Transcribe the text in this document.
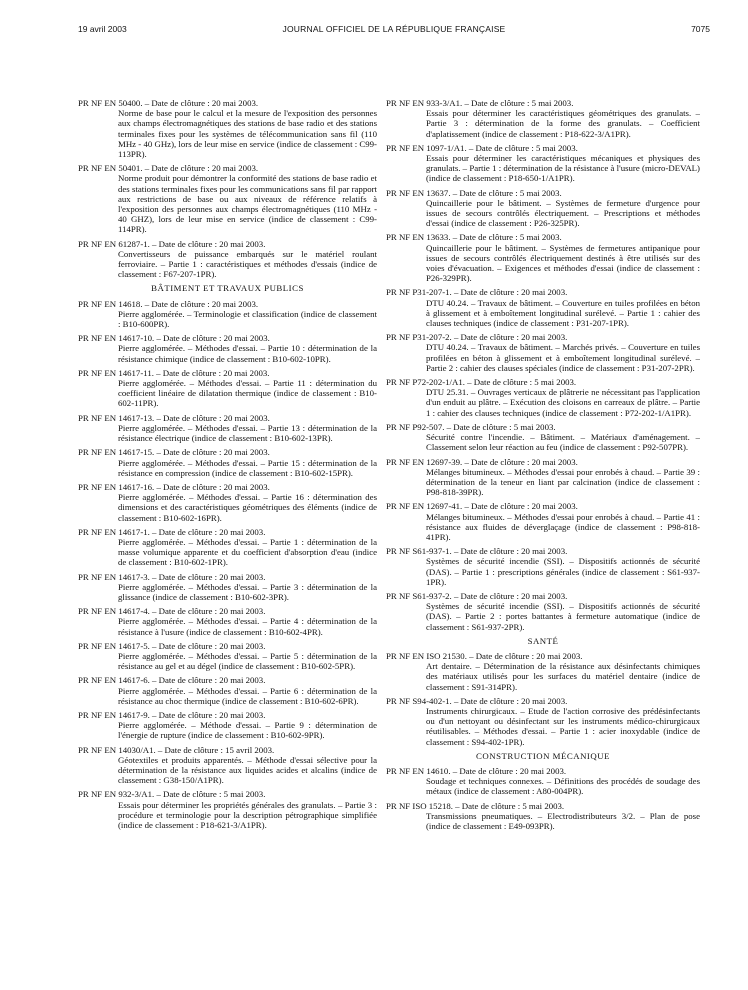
19 avril 2003	JOURNAL OFFICIEL DE LA RÉPUBLIQUE FRANÇAISE	7075
PR NF EN 50400. – Date de clôture : 20 mai 2003.
Norme de base pour le calcul et la mesure de l'exposition des personnes aux champs électromagnétiques des stations de base radio et des stations terminales fixes pour les systèmes de télécommunication sans fil (110 MHz - 40 GHz), lors de leur mise en service (indice de classement : C99-113PR).
PR NF EN 50401. – Date de clôture : 20 mai 2003.
Norme produit pour démontrer la conformité des stations de base radio et des stations terminales fixes pour les communications sans fil par rapport aux restrictions de base ou aux niveaux de référence relatifs à l'exposition des personnes aux champs électromagnétiques (110 MHz - 40 GHZ), lors de leur mise en service (indice de classement : C99-114PR).
PR NF EN 61287-1. – Date de clôture : 20 mai 2003.
Convertisseurs de puissance embarqués sur le matériel roulant ferroviaire. – Partie 1 : caractéristiques et méthodes d'essais (indice de classement : F67-207-1PR).
BÂTIMENT ET TRAVAUX PUBLICS
PR NF EN 14618. – Date de clôture : 20 mai 2003.
Pierre agglomérée. – Terminologie et classification (indice de classement : B10-600PR).
PR NF EN 14617-10. – Date de clôture : 20 mai 2003.
Pierre agglomérée. – Méthodes d'essai. – Partie 10 : détermination de la résistance chimique (indice de classement : B10-602-10PR).
PR NF EN 14617-11. – Date de clôture : 20 mai 2003.
Pierre agglomérée. – Méthodes d'essai. – Partie 11 : détermination du coefficient linéaire de dilatation thermique (indice de classement : B10-602-11PR).
PR NF EN 14617-13. – Date de clôture : 20 mai 2003.
Pierre agglomérée. – Méthodes d'essai. – Partie 13 : détermination de la résistance électrique (indice de classement : B10-602-13PR).
PR NF EN 14617-15. – Date de clôture : 20 mai 2003.
Pierre agglomérée. – Méthodes d'essai. – Partie 15 : détermination de la résistance en compression (indice de classement : B10-602-15PR).
PR NF EN 14617-16. – Date de clôture : 20 mai 2003.
Pierre agglomérée. – Méthodes d'essai. – Partie 16 : détermination des dimensions et des caractéristiques géométriques des éléments (indice de classement : B10-602-16PR).
PR NF EN 14617-1. – Date de clôture : 20 mai 2003.
Pierre agglomérée. – Méthodes d'essai. – Partie 1 : détermination de la masse volumique apparente et du coefficient d'absorption d'eau (indice de classement : B10-602-1PR).
PR NF EN 14617-3. – Date de clôture : 20 mai 2003.
Pierre agglomérée. – Méthodes d'essai. – Partie 3 : détermination de la glissance (indice de classement : B10-602-3PR).
PR NF EN 14617-4. – Date de clôture : 20 mai 2003.
Pierre agglomérée. – Méthodes d'essai. – Partie 4 : détermination de la résistance à l'usure (indice de classement : B10-602-4PR).
PR NF EN 14617-5. – Date de clôture : 20 mai 2003.
Pierre agglomérée. – Méthodes d'essai. – Partie 5 : détermination de la résistance au gel et au dégel (indice de classement : B10-602-5PR).
PR NF EN 14617-6. – Date de clôture : 20 mai 2003.
Pierre agglomérée. – Méthodes d'essai. – Partie 6 : détermination de la résistance au choc thermique (indice de classement : B10-602-6PR).
PR NF EN 14617-9. – Date de clôture : 20 mai 2003.
Pierre agglomérée. – Méthode d'essai. – Partie 9 : détermination de l'énergie de rupture (indice de classement : B10-602-9PR).
PR NF EN 14030/A1. – Date de clôture : 15 avril 2003.
Géotextiles et produits apparentés. – Méthode d'essai sélective pour la détermination de la résistance aux liquides acides et alcalins (indice de classement : G38-150/A1PR).
PR NF EN 932-3/A1. – Date de clôture : 5 mai 2003.
Essais pour déterminer les propriétés générales des granulats. – Partie 3 : procédure et terminologie pour la description pétrographique simplifiée (indice de classement : P18-621-3/A1PR).
PR NF EN 933-3/A1. – Date de clôture : 5 mai 2003.
Essais pour déterminer les caractéristiques géométriques des granulats. – Partie 3 : détermination de la forme des granulats. – Coefficient d'aplatissement (indice de classement : P18-622-3/A1PR).
PR NF EN 1097-1/A1. – Date de clôture : 5 mai 2003.
Essais pour déterminer les caractéristiques mécaniques et physiques des granulats. – Partie 1 : détermination de la résistance à l'usure (micro-DEVAL) (indice de classement : P18-650-1/A1PR).
PR NF EN 13637. – Date de clôture : 5 mai 2003.
Quincaillerie pour le bâtiment. – Systèmes de fermeture d'urgence pour issues de secours contrôlés électriquement. – Prescriptions et méthodes d'essai (indice de classement : P26-325PR).
PR NF EN 13633. – Date de clôture : 5 mai 2003.
Quincaillerie pour le bâtiment. – Systèmes de fermetures antipanique pour issues de secours contrôlés électriquement destinés à être utilisés sur des voies d'évacuation. – Exigences et méthodes d'essai (indice de classement : P26-329PR).
PR NF P31-207-1. – Date de clôture : 20 mai 2003.
DTU 40.24. – Travaux de bâtiment. – Couverture en tuiles profilées en béton à glissement et à emboîtement longitudinal surélevé. – Partie 1 : cahier des clauses techniques (indice de classement : P31-207-1PR).
PR NF P31-207-2. – Date de clôture : 20 mai 2003.
DTU 40.24. – Travaux de bâtiment. – Marchés privés. – Couverture en tuiles profilées en béton à glissement et à emboîtement longitudinal surélevé. – Partie 2 : cahier des clauses spéciales (indice de classement : P31-207-2PR).
PR NF P72-202-1/A1. – Date de clôture : 5 mai 2003.
DTU 25.31. – Ouvrages verticaux de plâtrerie ne nécessitant pas l'application d'un enduit au plâtre. – Exécution des cloisons en carreaux de plâtre. – Partie 1 : cahier des clauses techniques (indice de classement : P72-202-1/A1PR).
PR NF P92-507. – Date de clôture : 5 mai 2003.
Sécurité contre l'incendie. – Bâtiment. – Matériaux d'aménagement. – Classement selon leur réaction au feu (indice de classement : P92-507PR).
PR NF EN 12697-39. – Date de clôture : 20 mai 2003.
Mélanges bitumineux. – Méthodes d'essai pour enrobés à chaud. – Partie 39 : détermination de la teneur en liant par calcination (indice de classement : P98-818-39PR).
PR NF EN 12697-41. – Date de clôture : 20 mai 2003.
Mélanges bitumineux. – Méthodes d'essai pour enrobés à chaud. – Partie 41 : résistance aux fluides de déverglaçage (indice de classement : P98-818-41PR).
PR NF S61-937-1. – Date de clôture : 20 mai 2003.
Systèmes de sécurité incendie (SSI). – Dispositifs actionnés de sécurité (DAS). – Partie 1 : prescriptions générales (indice de classement : S61-937-1PR).
PR NF S61-937-2. – Date de clôture : 20 mai 2003.
Systèmes de sécurité incendie (SSI). – Dispositifs actionnés de sécurité (DAS). – Partie 2 : portes battantes à fermeture automatique (indice de classement : S61-937-2PR).
SANTÉ
PR NF EN ISO 21530. – Date de clôture : 20 mai 2003.
Art dentaire. – Détermination de la résistance aux désinfectants chimiques des matériaux utilisés pour les surfaces du matériel dentaire (indice de classement : S91-314PR).
PR NF S94-402-1. – Date de clôture : 20 mai 2003.
Instruments chirurgicaux. – Etude de l'action corrosive des prédésinfectants ou d'un nettoyant ou désinfectant sur les instruments médico-chirurgicaux réutilisables. – Méthodes d'essai. – Partie 1 : acier inoxydable (indice de classement : S94-402-1PR).
CONSTRUCTION MÉCANIQUE
PR NF EN 14610. – Date de clôture : 20 mai 2003.
Soudage et techniques connexes. – Définitions des procédés de soudage des métaux (indice de classement : A80-004PR).
PR NF ISO 15218. – Date de clôture : 5 mai 2003.
Transmissions pneumatiques. – Electrodistributeurs 3/2. – Plan de pose (indice de classement : E49-093PR).
